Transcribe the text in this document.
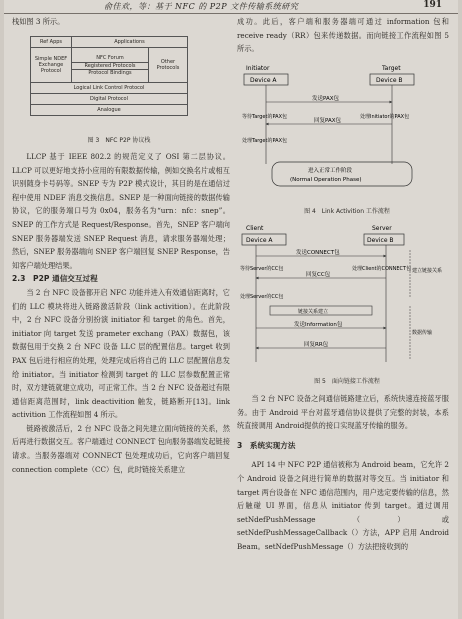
俞佳欢，等：基于 NFC 的 P2P 文件传输系统研究	191

栈如图 3 所示。

Ref Apps	Applications
Simple NDEF Exchange Protocol
NFC Forum
Registered Protocols
Protocol Bindings
Other Protocols
Logical Link Control Protocol
Digital Protocol
Analogue
图 3　NFC P2P 协议栈

LLCP 基于 IEEE 802.2 的规范定义了 OSI 第二层协议。LLCP 可以更好地支持小应用的有限数据传输，例如交换名片或相互识别随身卡号码等。SNEP 专为 P2P 模式设计，其目的是在通信过程中使用 NDEF 消息交换信息。SNEP 是一种面向链接的数据传输协议，它的服务端口号为 0x04，服务名为“urn：nfc：snep”。SNEP 的工作方式是 Request/Response。首先，SNEP 客户端向 SNEP 服务器端发送 SNEP Request 消息，请求服务器端处理；然后，SNEP 服务器端向 SNEP 客户端回复 SNEP Response，告知客户端处理结果。

2.3　P2P 通信交互过程

当 2 台 NFC 设备都开启 NFC 功能并进入有效通信距离时，它们的 LLC 模块将进入链路激活阶段（link activition）。在此阶段中，2 台 NFC 设备分别扮演 initiator 和 target 的角色。首先，initiator 向 target 发送 prameter exchang（PAX）数据包，该数据包用于交换 2 台 NFC 设备 LLC 层的配置信息。target 收到 PAX 包后进行相应的处理，处理完成后将自己的 LLC 层配置信息发给 initiator。当 initiator 检测到 target 的 LLC 层参数配置正常时，双方建链就建立成功，可正常工作。当 2 台 NFC 设备超过有限通信距离范围时，link deactivition 触发，链路断开[13]。link activition 工作流程如图 4 所示。

链路被激活后，2 台 NFC 设备之间先建立面向链接的关系，然后再进行数据交互。客户端通过 CONNECT 包向服务器端发起链接请求。当服务器端对 CONNECT 包处理成功后，它向客户端回复 connection complete（CC）包，此时链接关系建立

成功。此后，客户端和服务器端可通过 information 包和 receive ready（RR）包来传递数据。而向链接工作流程如图 5 所示。

Initiator	Target
Device A	Device B
发送PAX包
等待Target的PAX包
回复PAX包
处理Initiator的PAX包
处理Target的PAX包
进入正常工作阶段
(Normal Operation Phase)
图 4　Link Activition 工作流程
Client	Server
Device A	Device B
发送CONNECT包
等待Server的CC包
回复CC包
处理Client的CONNECT包 建立链接关系
处理Server的CC包
链接关系建立
发送Information包
回复RR包
数据传输
图 5　面向链接工作流程

当 2 台 NFC 设备之间通信链路建立后，系统快速连接蓝牙服务。由于 Android 平台对蓝牙通信协议提供了完整的封装，本系统直接调用 Android提供的接口实现蓝牙传输的服务。

3　系统实现方法

API 14 中 NFC P2P 通信被称为 Android beam，它允许 2 个 Android 设备之间进行简单的数据对等交互。当 initiator 和 target 两台设备在 NFC 通信范围内，用户选定要传输的信息，然后触碰 UI 界面，信息从 initiator 传到 target。通过调用 setNdefPushMessage（）或 setNdefPushMessageCallback（）方法，APP 启用 Android Beam。setNdefPushMessage（）方法把接收到的
